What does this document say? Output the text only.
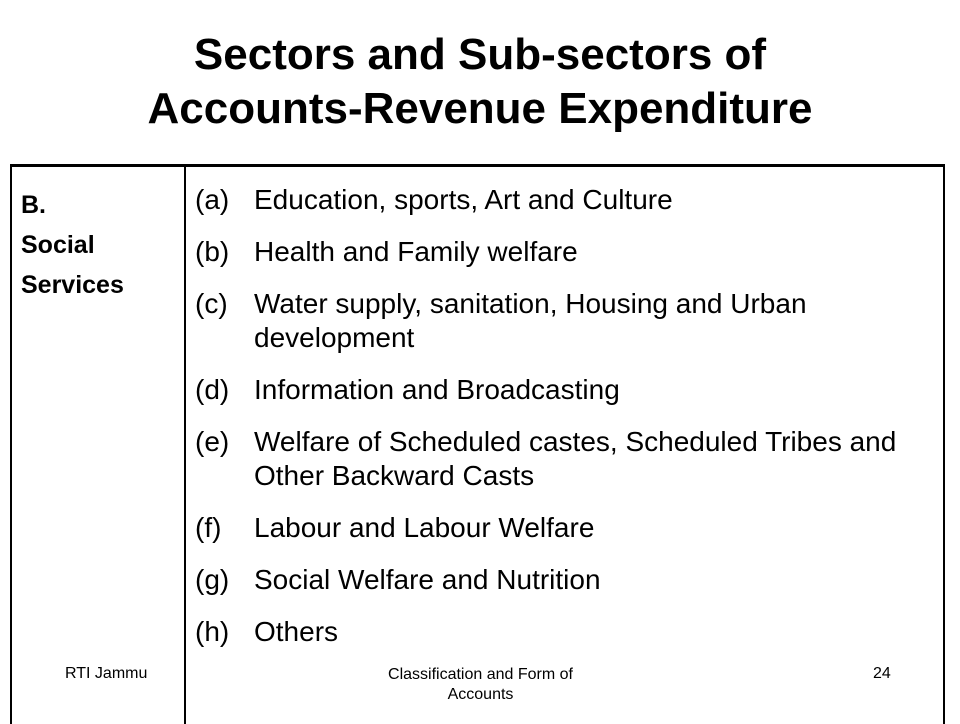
Sectors and Sub-sectors of
Accounts-Revenue Expenditure
B.
Social
Services
(a) Education, sports, Art and Culture
(b) Health and Family welfare
(c) Water supply, sanitation, Housing and Urban development
(d) Information and Broadcasting
(e) Welfare of Scheduled castes, Scheduled Tribes and Other Backward Casts
(f) Labour and Labour Welfare
(g) Social Welfare and Nutrition
(h) Others
RTI Jammu	Classification and Form of Accounts
24
